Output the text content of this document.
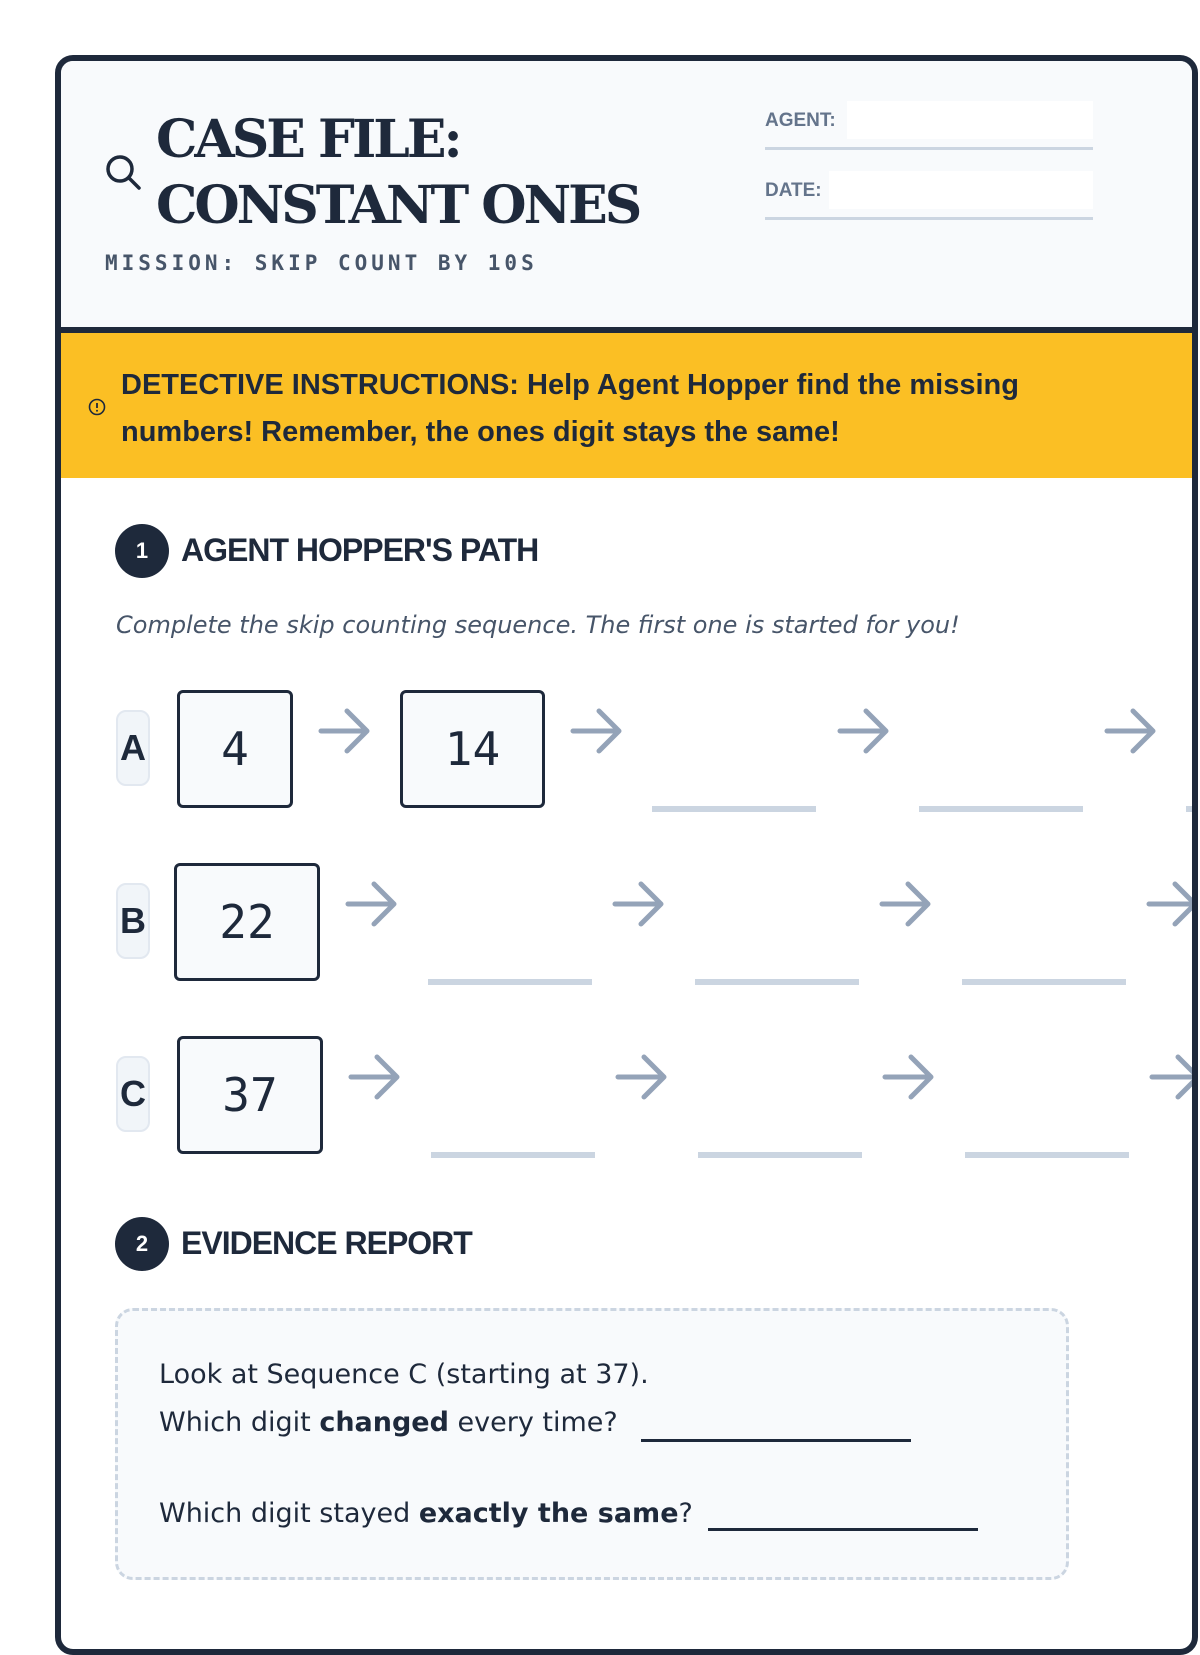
CASE FILE:
CONSTANT ONES
MISSION: SKIP COUNT BY 10S
AGENT:
DATE:
DETECTIVE INSTRUCTIONS: Help Agent Hopper find the missing numbers! Remember, the ones digit stays the same!
1	AGENT HOPPER'S PATH
Complete the skip counting sequence. The first one is started for you!
A	4	14
B	22
C	37
2	EVIDENCE REPORT
Look at Sequence C (starting at 37).
Which digit changed every time?
Which digit stayed exactly the same?
